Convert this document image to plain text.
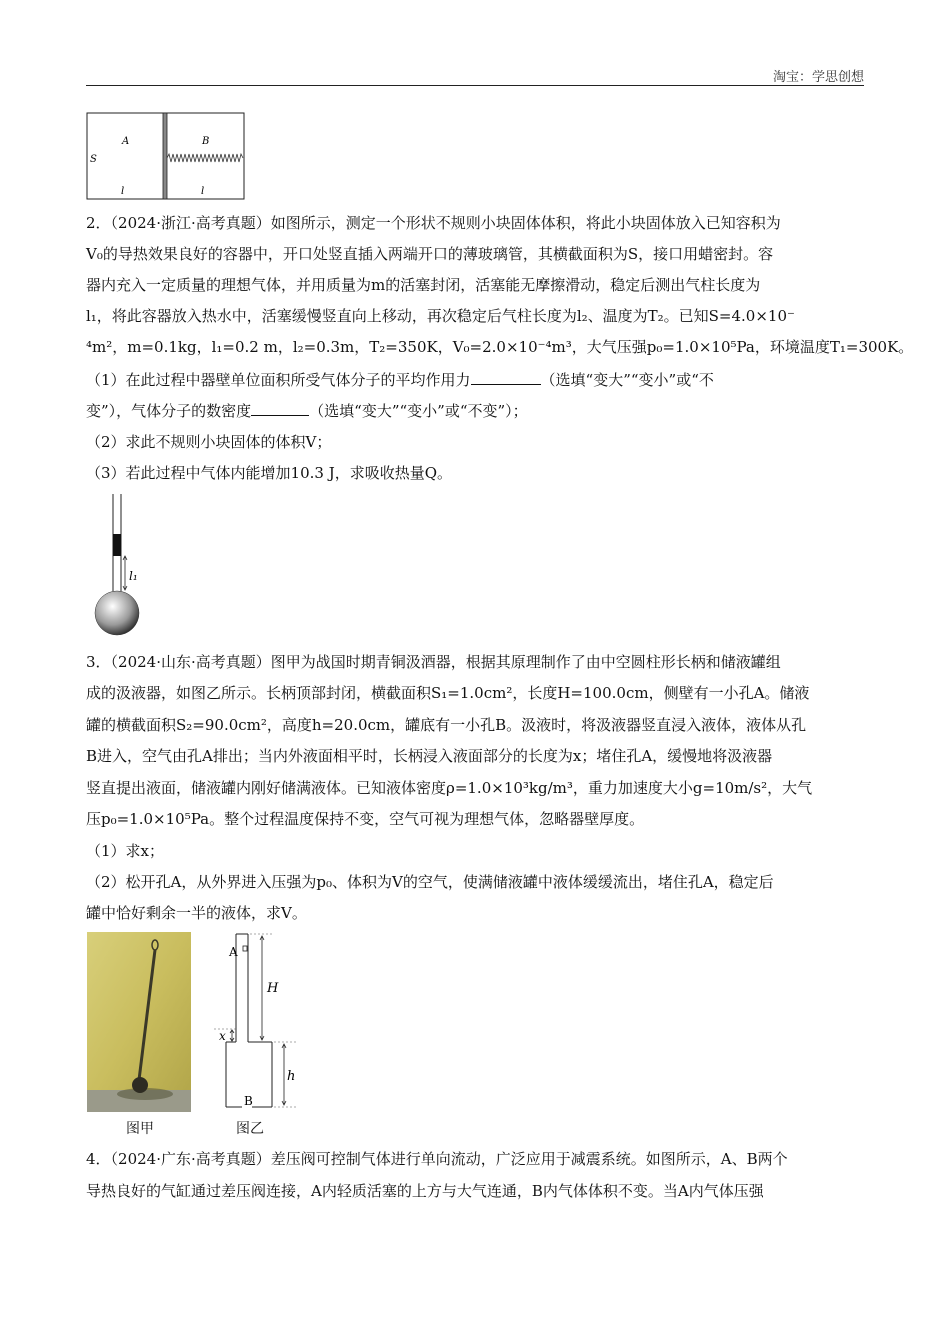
淘宝：学思创想
A	B
S
l	l
2．（2024·浙江·高考真题）如图所示，测定一个形状不规则小块固体体积，将此小块固体放入已知容积为
V₀的导热效果良好的容器中，开口处竖直插入两端开口的薄玻璃管，其横截面积为S，接口用蜡密封。容
器内充入一定质量的理想气体，并用质量为m的活塞封闭，活塞能无摩擦滑动，稳定后测出气柱长度为
l₁，将此容器放入热水中，活塞缓慢竖直向上移动，再次稳定后气柱长度为l₂、温度为T₂。已知S=4.0×10⁻
⁴m²，m=0.1kg，l₁=0.2 m，l₂=0.3m，T₂=350K，V₀=2.0×10⁻⁴m³，大气压强p₀=1.0×10⁵Pa，环境温度T₁=300K。
（1）在此过程中器壁单位面积所受气体分子的平均作用力	（选填“变大”“变小”或“不
变”），气体分子的数密度	（选填“变大”“变小”或“不变”）；
（2）求此不规则小块固体的体积V；
（3）若此过程中气体内能增加10.3 J，求吸收热量Q。
l₁
3．（2024·山东·高考真题）图甲为战国时期青铜汲酒器，根据其原理制作了由中空圆柱形长柄和储液罐组
成的汲液器，如图乙所示。长柄顶部封闭，横截面积S₁=1.0cm²，长度H=100.0cm，侧壁有一小孔A。储液
罐的横截面积S₂=90.0cm²，高度h=20.0cm，罐底有一小孔B。汲液时，将汲液器竖直浸入液体，液体从孔
B进入，空气由孔A排出；当内外液面相平时，长柄浸入液面部分的长度为x；堵住孔A，缓慢地将汲液器
竖直提出液面，储液罐内刚好储满液体。已知液体密度ρ=1.0×10³kg/m³，重力加速度大小g=10m/s²，大气
压p₀=1.0×10⁵Pa。整个过程温度保持不变，空气可视为理想气体，忽略器壁厚度。
（1）求x；
（2）松开孔A，从外界进入压强为p₀、体积为V的空气，使满储液罐中液体缓缓流出，堵住孔A，稳定后
罐中恰好剩余一半的液体，求V。
图甲
A
B
H
x
h
图乙
4．（2024·广东·高考真题）差压阀可控制气体进行单向流动，广泛应用于减震系统。如图所示，A、B两个
导热良好的气缸通过差压阀连接，A内轻质活塞的上方与大气连通，B内气体体积不变。当A内气体压强
